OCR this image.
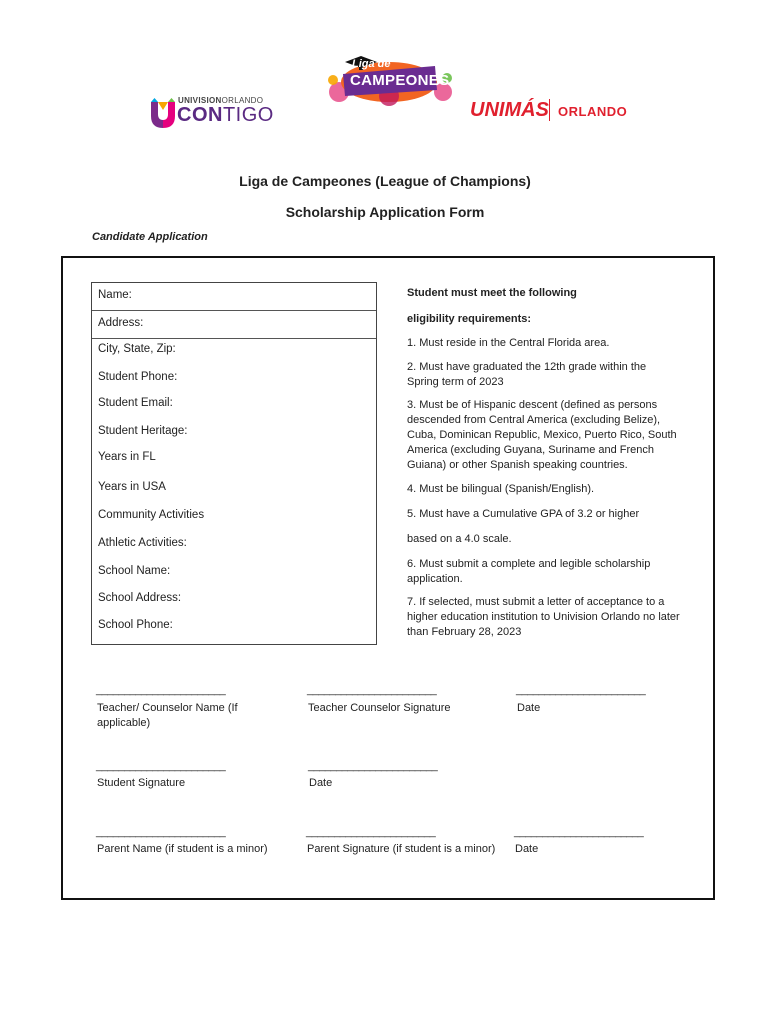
UNIVISIONORLANDO
CONTIGO
Liga de
CAMPEONES
UNIMÁS ORLANDO
Liga de Campeones (League of Champions)
Scholarship Application Form
Candidate Application
Name:
Address:
City, State, Zip:
Student Phone:
Student Email:
Student Heritage:
Years in FL
Years in USA
Community Activities
Athletic Activities:
School Name:
School Address:
School Phone:
Student must meet the following
eligibility requirements:
1. Must reside in the Central Florida area.
2. Must have graduated the 12th grade within the Spring term of 2023
3. Must be of Hispanic descent (defined as persons descended from Central America (excluding Belize), Cuba, Dominican Republic, Mexico, Puerto Rico, South America (excluding Guyana, Suriname and French Guiana) or other Spanish speaking countries.
4. Must be bilingual (Spanish/English).
5. Must have a Cumulative GPA of 3.2 or higher
based on a 4.0 scale.
6. Must submit a complete and legible scholarship application.
7. If selected, must submit a letter of acceptance to a higher education institution to Univision Orlando no later than February 28, 2023
_______________________
Teacher/ Counselor Name (If applicable)
_______________________
Teacher Counselor Signature
_______________________
Date
_______________________
Student Signature
_______________________
Date
_______________________
Parent Name (if student is a minor)
_______________________
Parent Signature (if student is a minor)
_______________________
Date
